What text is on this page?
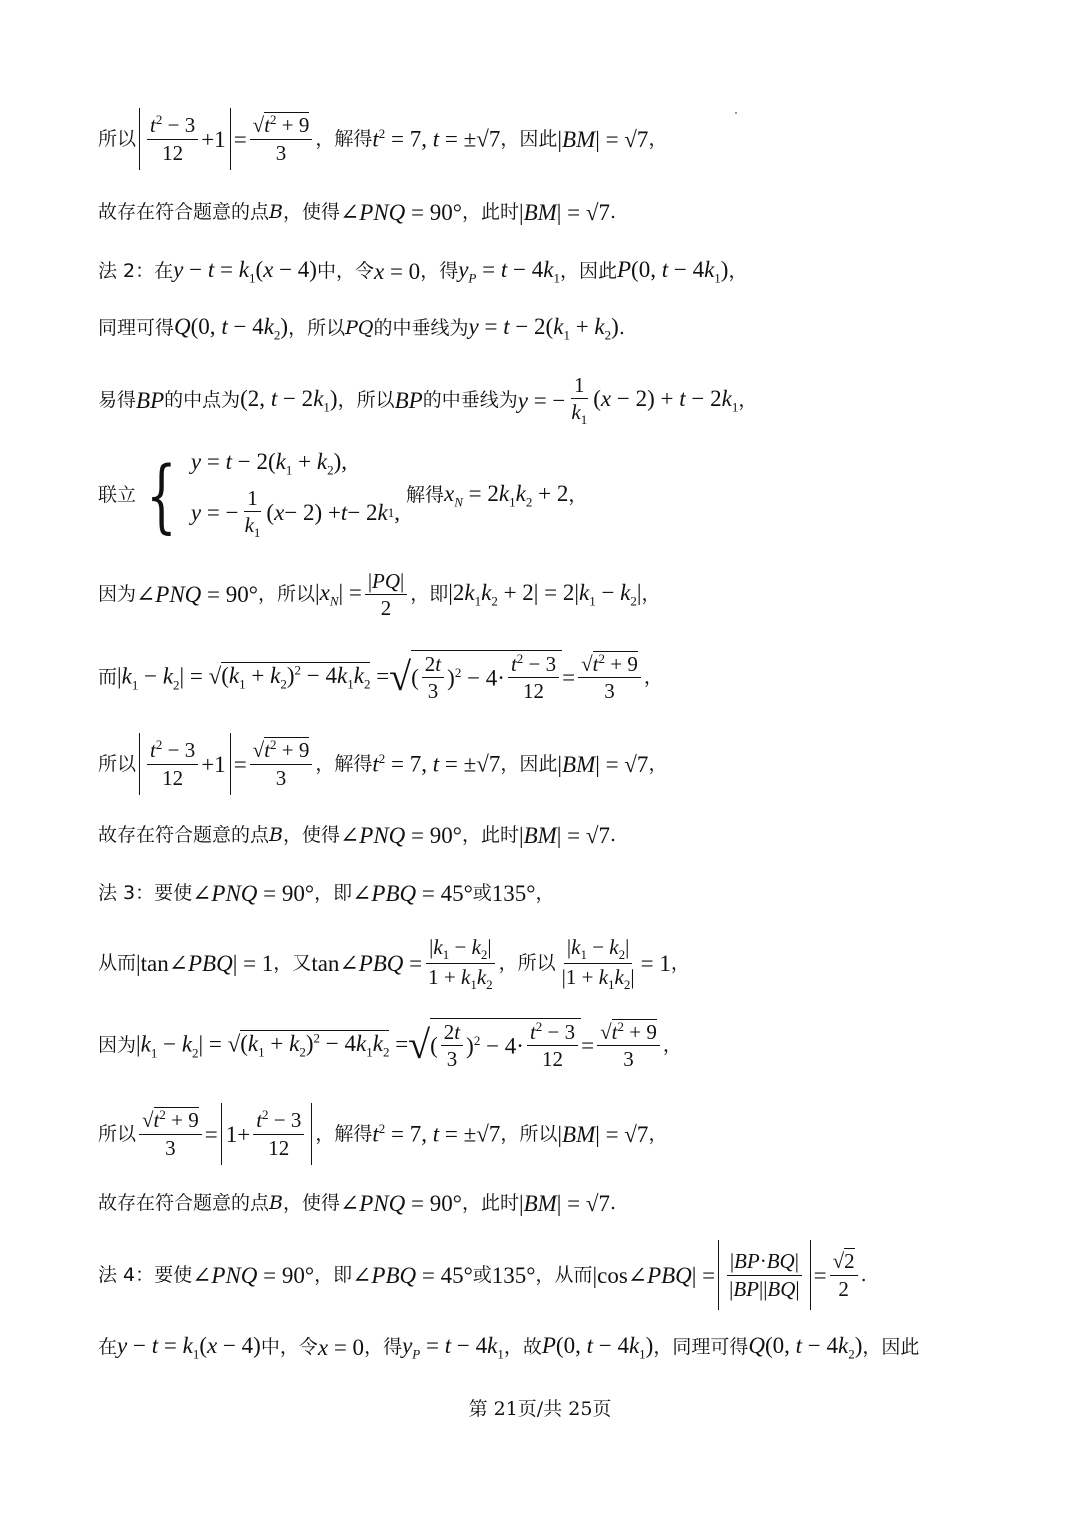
所以 $\frac{t^2 - 3}{12} +1 = \frac{√t^2 + 9}{3}$ ，解得 $t^2 = 7$, t = ±√7 ，因此 |BM| = √7 ，
故存在符合题意的点 B ，使得 ∠PNQ = 90° ，此时 |BM| = √7 .
法 2：在 $y - t = k_1(x - 4)$ 中，令 x = 0 ，得 $y_P = t - 4k_1$ ，因此 P(0, $t - 4k_1$) ，
同理可得 Q(0, $t - 4k_2$) ，所以 PQ 的中垂线为 $y = t - 2(k_1 + k_2)$ .
易得 BP 的中点为 (2, $t - 2k_1$) ，所以 BP 的中垂线为 y = − $\frac{1}{k_1} (x - 2) + t - 2k_1$ ，
联立 { $y = t - 2(k_1 + k_2)$,
y = − $\frac{1}{k_1}$ ( x − 2) + t − 2 k 1 ,
解得 $x_N = 2k_1k_2 + 2$ ，
因为 ∠PNQ = 90° ，所以 $|x_N| = \frac{|PQ|}{2}$ ，即 $|2k_1k_2 + 2| = 2|k_1 - k_2|$ ，
而 $|k_1 - k_2| = √(k_1 + k_2)^2 - 4k_1k_2$ = √ ( $\frac{2t}{3} )^2 - 4\cdot \frac{t^2 - 3}{12} = \frac{√t^2 + 9}{3}$ ，
所以 $\frac{t^2 - 3}{12} +1 = \frac{√t^2 + 9}{3}$ ，解得 $t^2 = 7$, t = ±√7 ，因此 |BM| = √7 ，
故存在符合题意的点 B ，使得 ∠PNQ = 90° ，此时 |BM| = √7 .
法 3：要使 ∠PNQ = 90° ，即 ∠PBQ = 45° 或 135° ，
从而 |tan∠PBQ| = 1 ，又 tan∠PBQ = $\frac{|k_1 - k_2|}{1 + k_1k_2}$ ，所以 $\frac{|k_1 - k_2|}{|1 + k_1k_2|} = 1$ ，
因为 $|k_1 - k_2| = √(k_1 + k_2)^2 - 4k_1k_2$ = √ ( $\frac{2t}{3} )^2 - 4\cdot \frac{t^2 - 3}{12} = \frac{√t^2 + 9}{3}$ ，
所以 $\frac{√t^2 + 9}{3} = 1+ \frac{t^2 - 3}{12}$ ，解得 $t^2 = 7$, t = ±√7 ，所以 |BM| = √7 ，
故存在符合题意的点 B ，使得 ∠PNQ = 90° ，此时 |BM| = √7 .
法 4：要使 ∠PNQ = 90° ，即 ∠PBQ = 45° 或 135° ，从而 |cos∠PBQ| = $\frac{|BP\cdot BQ|}{|BP||BQ|} = \frac{√2}{2}$ .
在 $y - t = k_1(x - 4)$ 中，令 x = 0 ，得 $y_P = t - 4k_1$ ，故 P(0, $t - 4k_1$) ，同理可得 Q(0, $t - 4k_2$) ，因此
第 21页/共 25页
